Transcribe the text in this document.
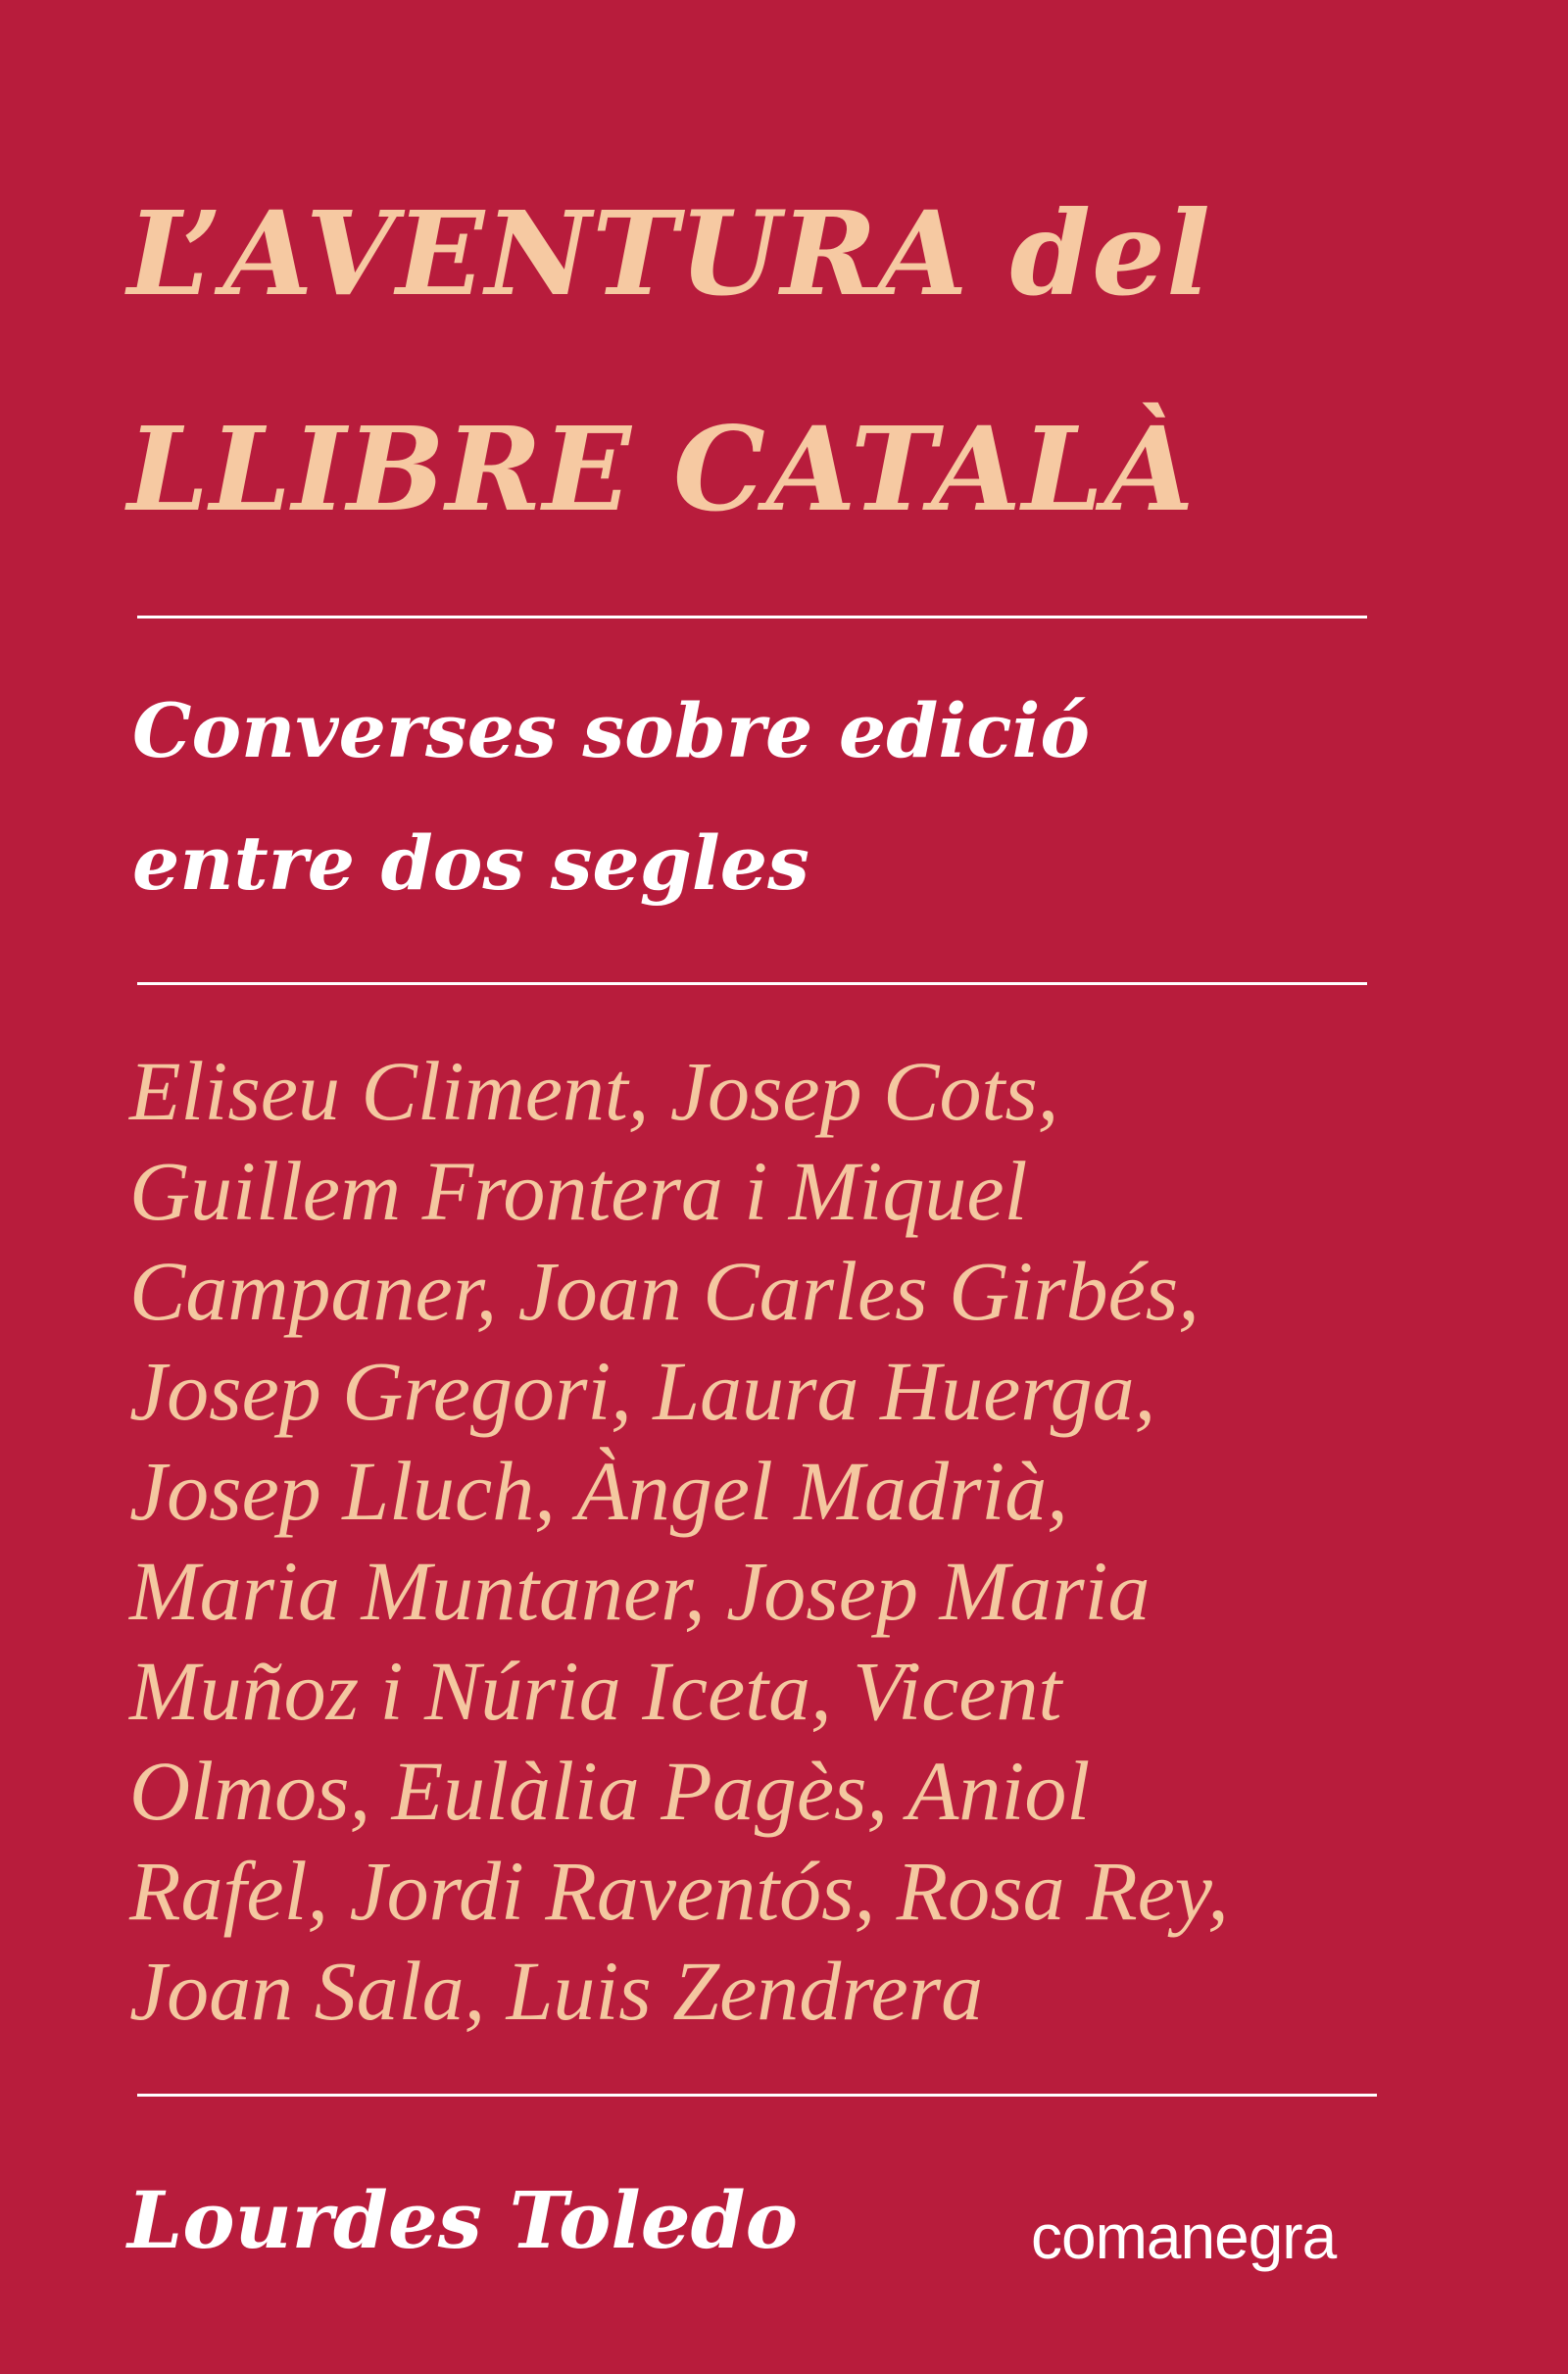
L’AVENTURA del
LLIBRE CATALÀ
Converses sobre edició
entre dos segles
Eliseu Climent, Josep Cots,
Guillem Frontera i Miquel
Campaner, Joan Carles Girbés,
Josep Gregori, Laura Huerga,
Josep Lluch, Àngel Madrià,
Maria Muntaner, Josep Maria
Muñoz i Núria Iceta, Vicent
Olmos, Eulàlia Pagès, Aniol
Rafel, Jordi Raventós, Rosa Rey,
Joan Sala, Luis Zendrera
Lourdes Toledo	comanegra
